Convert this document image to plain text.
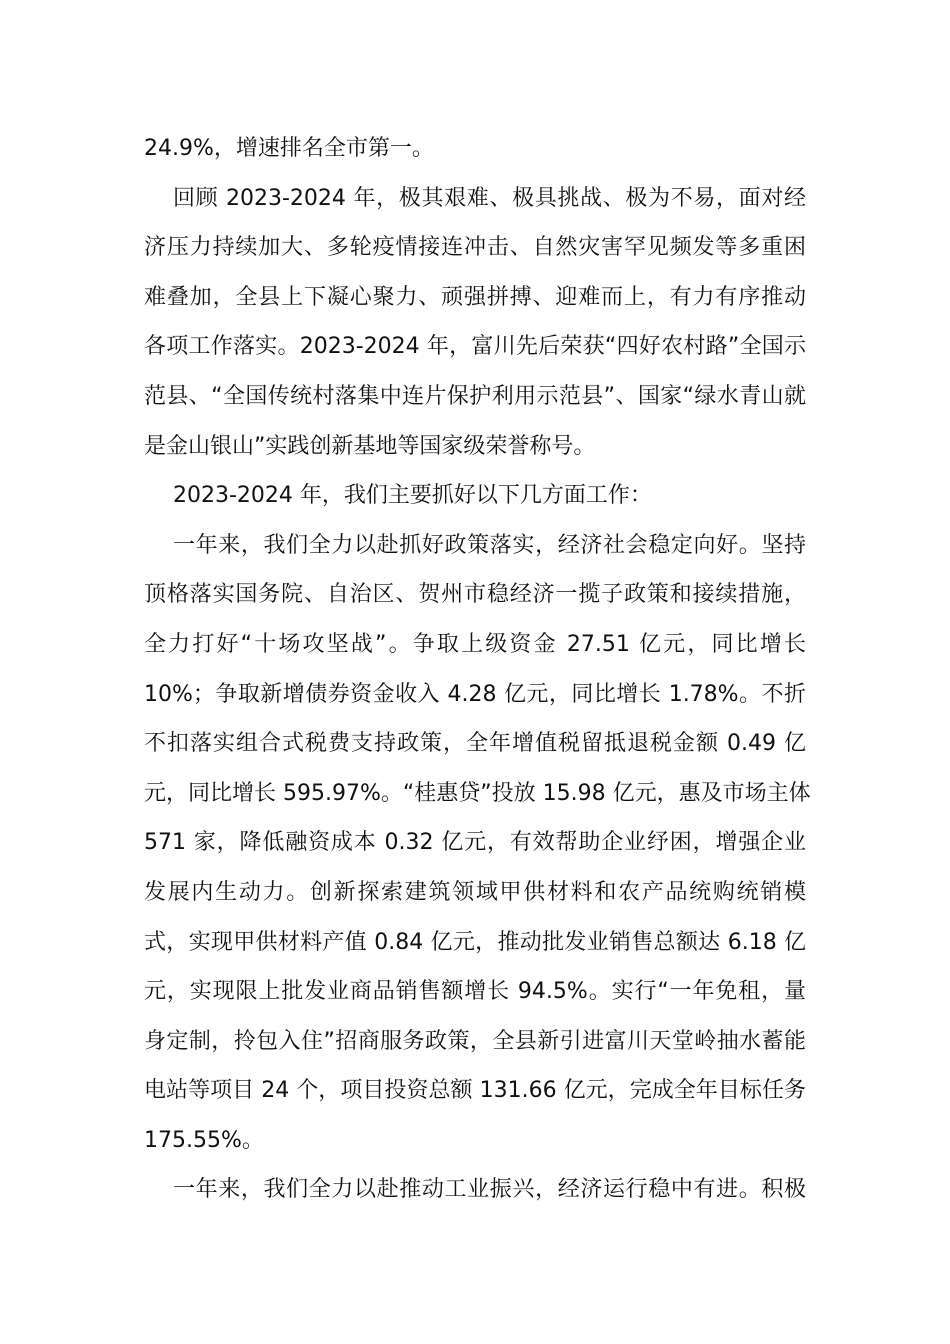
24.9%，增速排名全市第一。
回顾 2023-2024 年，极其艰难、极具挑战、极为不易，面对经
济压力持续加大、多轮疫情接连冲击、自然灾害罕见频发等多重困
难叠加，全县上下凝心聚力、顽强拼搏、迎难而上，有力有序推动
各项工作落实。2023-2024 年，富川先后荣获“四好农村路”全国示
范县、“全国传统村落集中连片保护利用示范县”、国家“绿水青山就
是金山银山”实践创新基地等国家级荣誉称号。
2023-2024 年，我们主要抓好以下几方面工作：
一年来，我们全力以赴抓好政策落实，经济社会稳定向好。坚持
顶格落实国务院、自治区、贺州市稳经济一揽子政策和接续措施，
全力打好“十场攻坚战”。争取上级资金 27.51 亿元，同比增长
10%；争取新增债券资金收入 4.28 亿元，同比增长 1.78%。不折
不扣落实组合式税费支持政策，全年增值税留抵退税金额 0.49 亿
元，同比增长 595.97%。“桂惠贷”投放 15.98 亿元，惠及市场主体
571 家，降低融资成本 0.32 亿元，有效帮助企业纾困，增强企业
发展内生动力。创新探索建筑领域甲供材料和农产品统购统销模
式，实现甲供材料产值 0.84 亿元，推动批发业销售总额达 6.18 亿
元，实现限上批发业商品销售额增长 94.5%。实行“一年免租，量
身定制，拎包入住”招商服务政策，全县新引进富川天堂岭抽水蓄能
电站等项目 24 个，项目投资总额 131.66 亿元，完成全年目标任务
175.55%。
一年来，我们全力以赴推动工业振兴，经济运行稳中有进。积极
